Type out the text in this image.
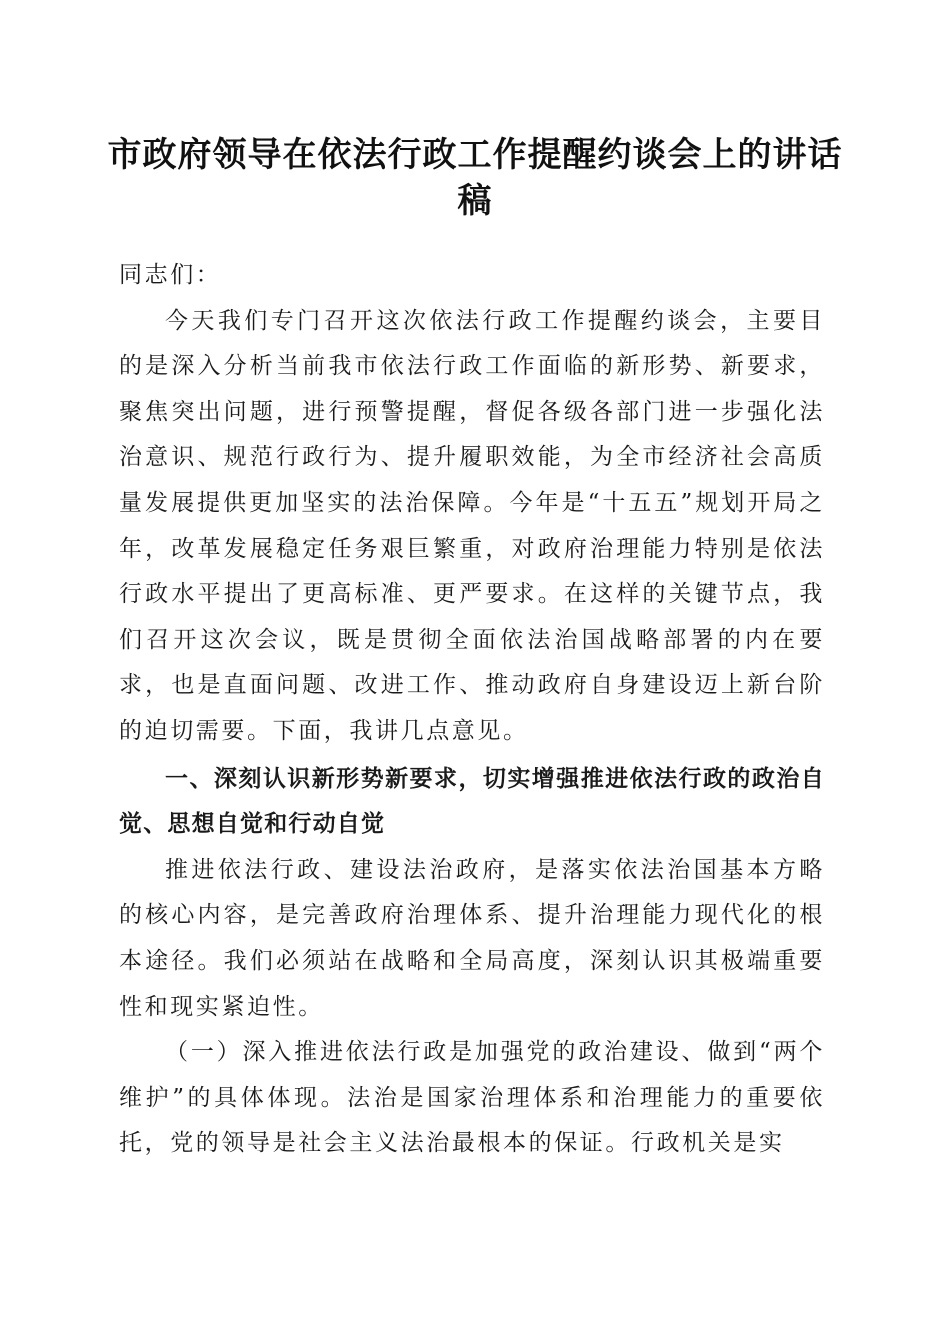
市政府领导在依法行政工作提醒约谈会上的讲话稿

同志们：

今天我们专门召开这次依法行政工作提醒约谈会，主要目的是深入分析当前我市依法行政工作面临的新形势、新要求，聚焦突出问题，进行预警提醒，督促各级各部门进一步强化法治意识、规范行政行为、提升履职效能，为全市经济社会高质量发展提供更加坚实的法治保障。今年是“十五五”规划开局之年，改革发展稳定任务艰巨繁重，对政府治理能力特别是依法行政水平提出了更高标准、更严要求。在这样的关键节点，我们召开这次会议，既是贯彻全面依法治国战略部署的内在要求，也是直面问题、改进工作、推动政府自身建设迈上新台阶的迫切需要。下面，我讲几点意见。

一、深刻认识新形势新要求，切实增强推进依法行政的政治自觉、思想自觉和行动自觉

推进依法行政、建设法治政府，是落实依法治国基本方略的核心内容，是完善政府治理体系、提升治理能力现代化的根本途径。我们必须站在战略和全局高度，深刻认识其极端重要性和现实紧迫性。

（一）深入推进依法行政是加强党的政治建设、做到“两个维护”的具体体现。法治是国家治理体系和治理能力的重要依托，党的领导是社会主义法治最根本的保证。行政机关是实
